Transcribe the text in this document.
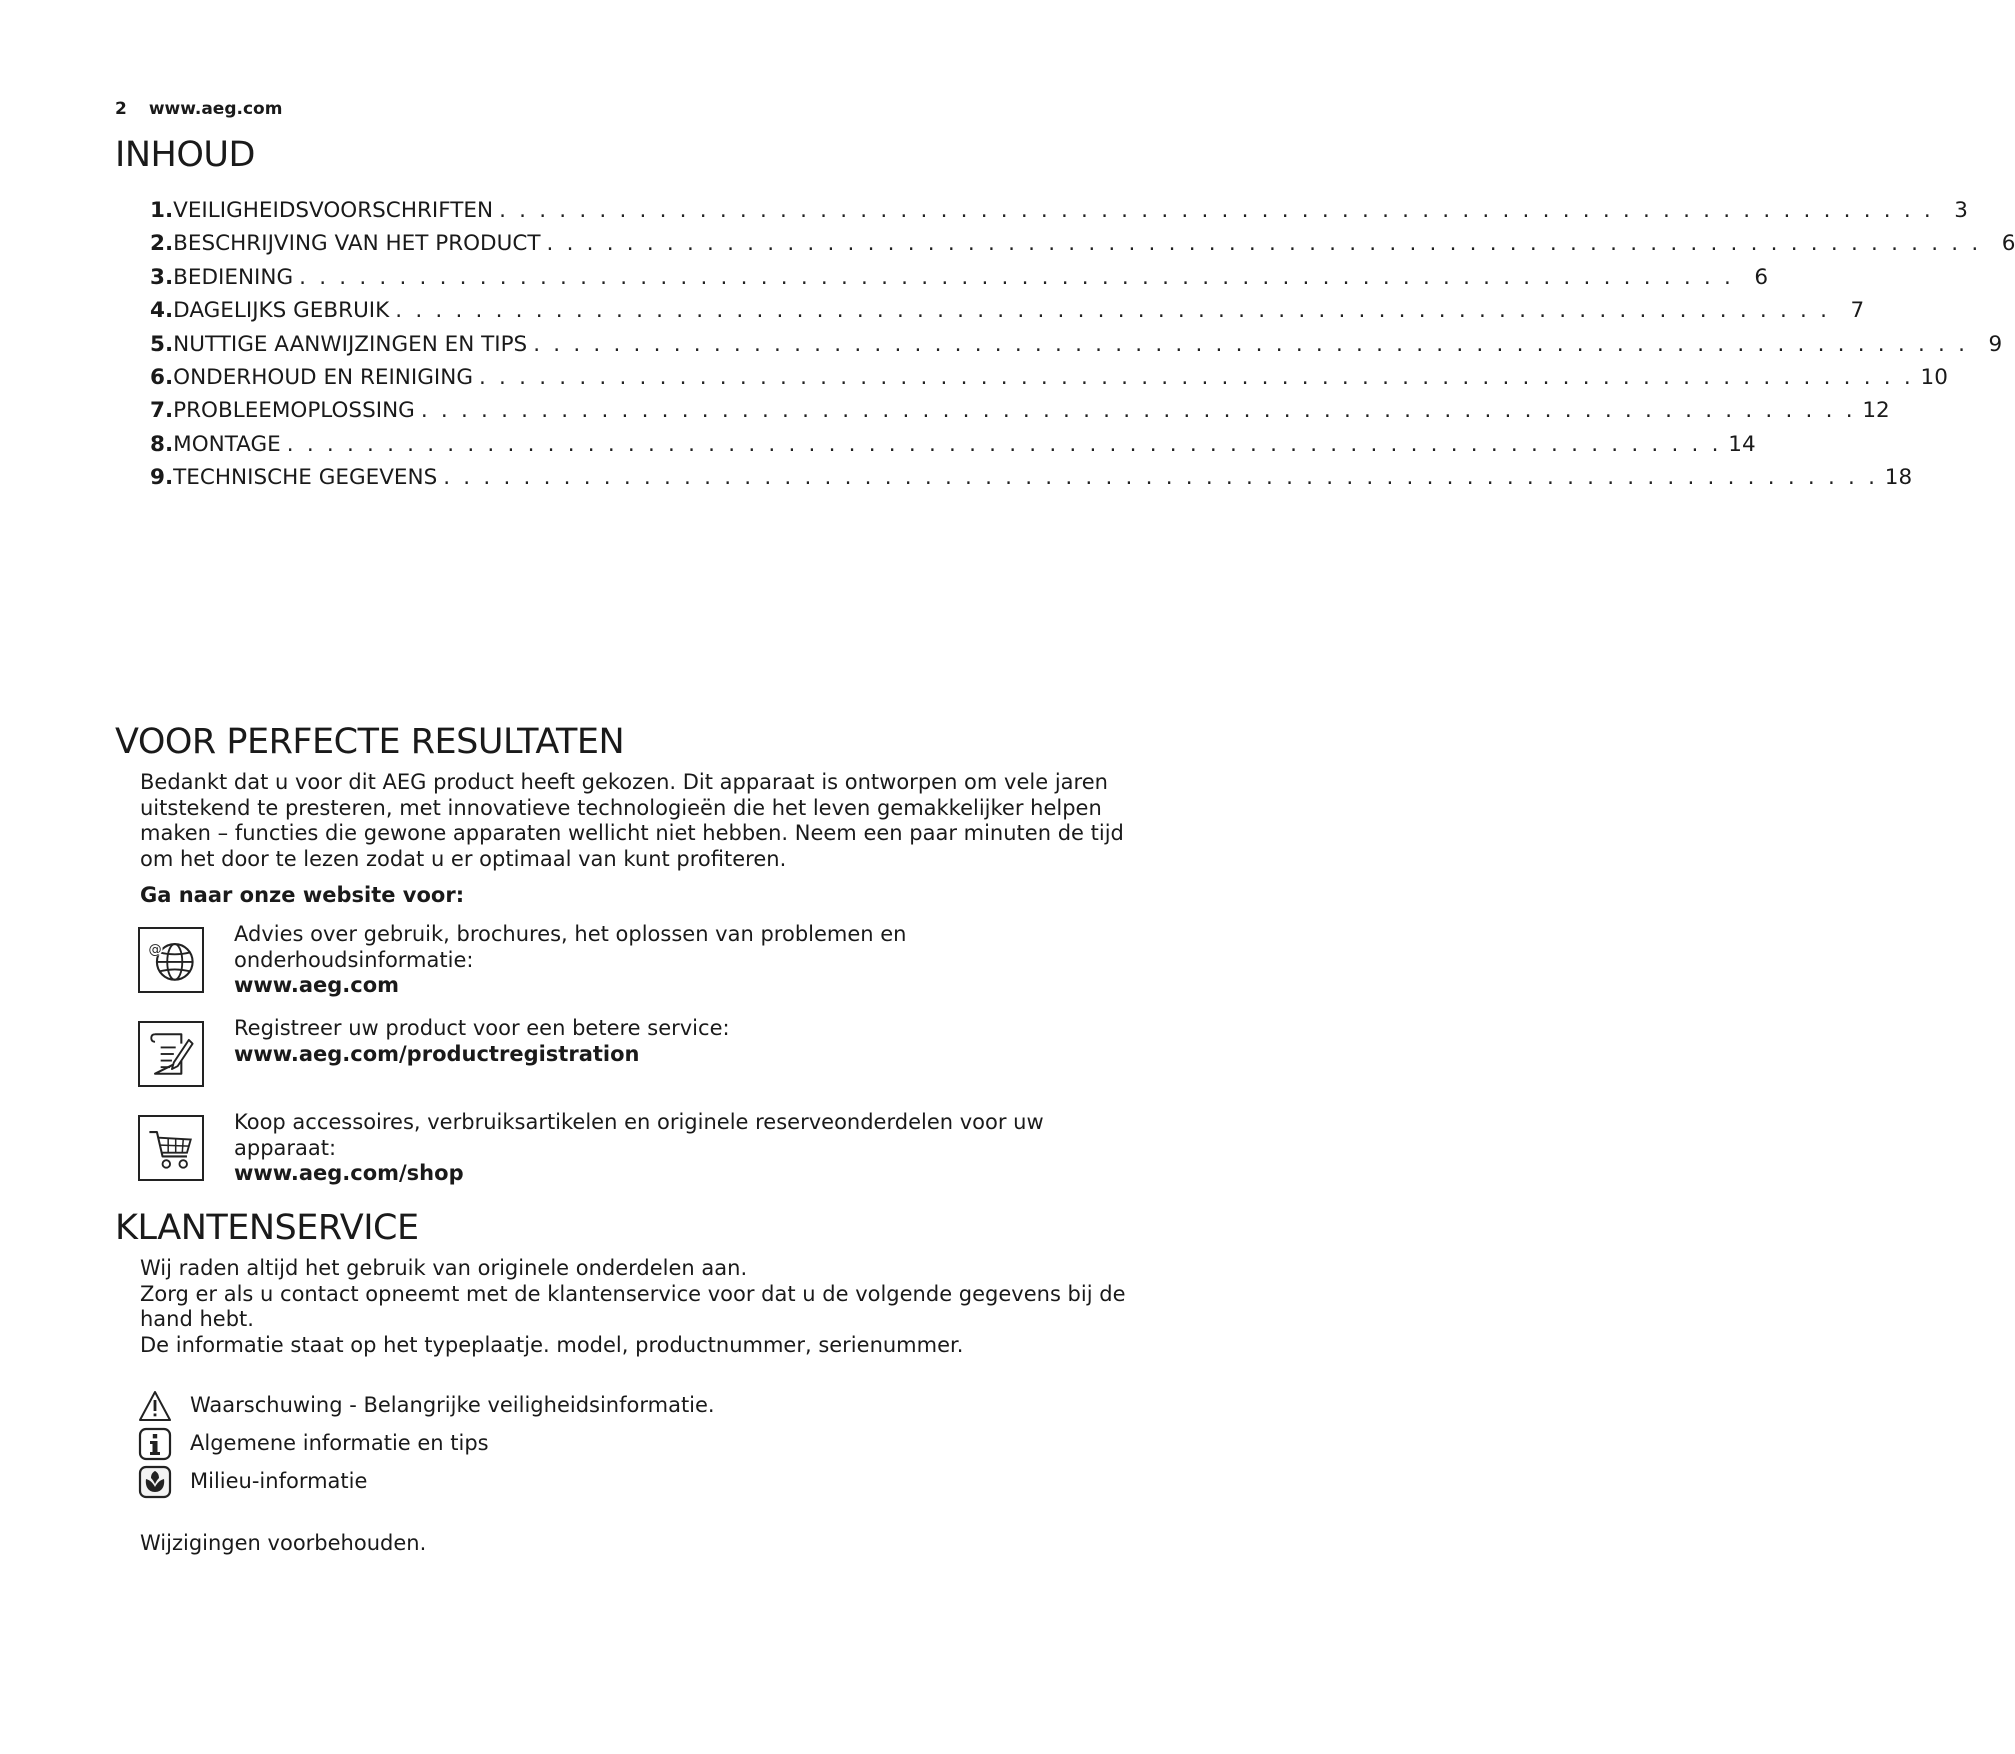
2 www.aeg.com
INHOUD
1. VEILIGHEIDSVOORSCHRIFTEN . . . . . . . . . . . . . . . . . . . . . . . . . . . . . . . . . . . . . . . . . . . . . . . . . . . . . . . . . . . . . . . . . . . . . . . . 3
2. BESCHRIJVING VAN HET PRODUCT . . . . . . . . . . . . . . . . . . . . . . . . . . . . . . . . . . . . . . . . . . . . . . . . . . . . . . . . . . . . . . . . . . . . . . . . 6
3. BEDIENING . . . . . . . . . . . . . . . . . . . . . . . . . . . . . . . . . . . . . . . . . . . . . . . . . . . . . . . . . . . . . . . . . . . . . . . . 6
4. DAGELIJKS GEBRUIK . . . . . . . . . . . . . . . . . . . . . . . . . . . . . . . . . . . . . . . . . . . . . . . . . . . . . . . . . . . . . . . . . . . . . . . . 7
5. NUTTIGE AANWIJZINGEN EN TIPS . . . . . . . . . . . . . . . . . . . . . . . . . . . . . . . . . . . . . . . . . . . . . . . . . . . . . . . . . . . . . . . . . . . . . . . . 9
6. ONDERHOUD EN REINIGING . . . . . . . . . . . . . . . . . . . . . . . . . . . . . . . . . . . . . . . . . . . . . . . . . . . . . . . . . . . . . . . . . . . . . . . . 10
7. PROBLEEMOPLOSSING . . . . . . . . . . . . . . . . . . . . . . . . . . . . . . . . . . . . . . . . . . . . . . . . . . . . . . . . . . . . . . . . . . . . . . . . 12
8. MONTAGE . . . . . . . . . . . . . . . . . . . . . . . . . . . . . . . . . . . . . . . . . . . . . . . . . . . . . . . . . . . . . . . . . . . . . . . . 14
9. TECHNISCHE GEGEVENS . . . . . . . . . . . . . . . . . . . . . . . . . . . . . . . . . . . . . . . . . . . . . . . . . . . . . . . . . . . . . . . . . . . . . . . . 18
VOOR PERFECTE RESULTATEN
Bedankt dat u voor dit AEG product heeft gekozen. Dit apparaat is ontworpen om vele jaren
uitstekend te presteren, met innovatieve technologieën die het leven gemakkelijker helpen
maken – functies die gewone apparaten wellicht niet hebben. Neem een paar minuten de tijd
om het door te lezen zodat u er optimaal van kunt profiteren.
Ga naar onze website voor:
@
Advies over gebruik, brochures, het oplossen van problemen en
onderhoudsinformatie:
www.aeg.com
Registreer uw product voor een betere service:
www.aeg.com/productregistration
Koop accessoires, verbruiksartikelen en originele reserveonderdelen voor uw
apparaat:
www.aeg.com/shop
KLANTENSERVICE
Wij raden altijd het gebruik van originele onderdelen aan.
Zorg er als u contact opneemt met de klantenservice voor dat u de volgende gegevens bij de
hand hebt.
De informatie staat op het typeplaatje. model, productnummer, serienummer.
Waarschuwing - Belangrijke veiligheidsinformatie.
Algemene informatie en tips
Milieu-informatie
Wijzigingen voorbehouden.
